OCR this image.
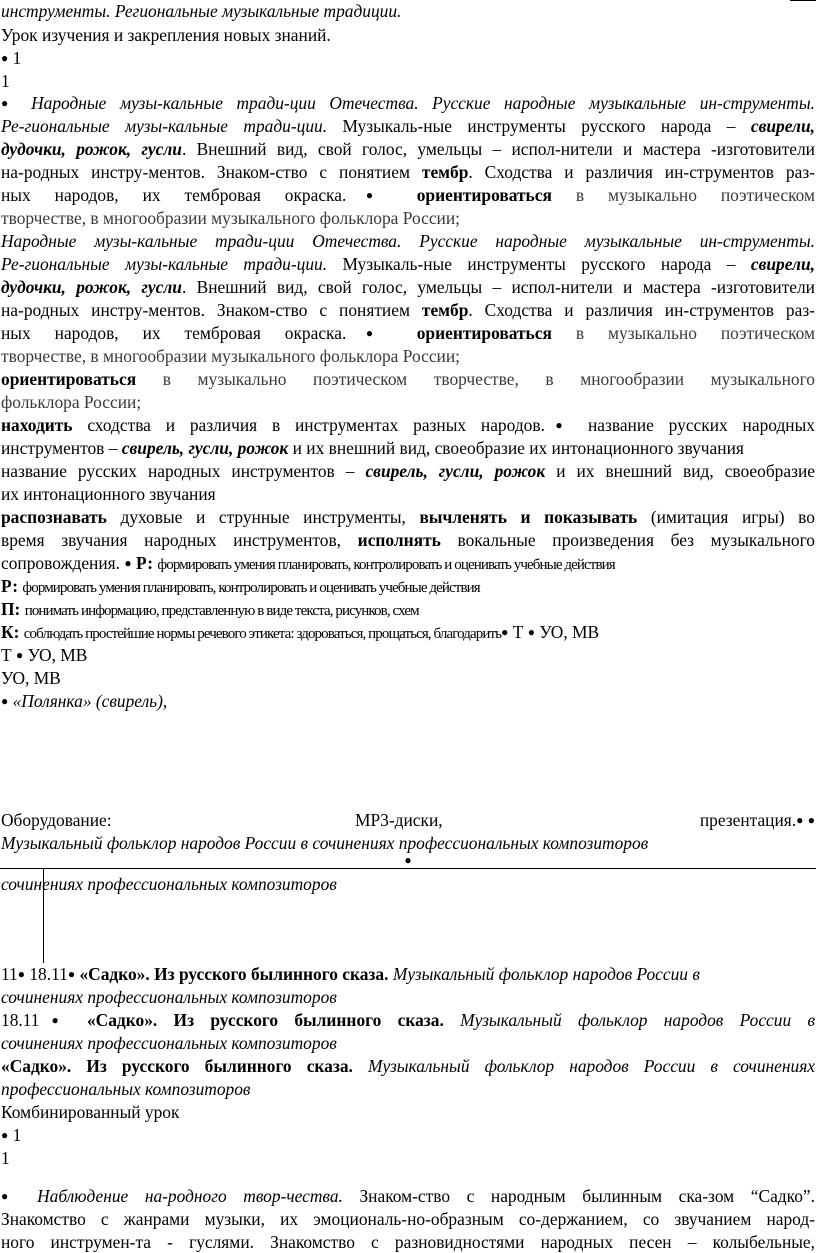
инструменты. Региональные музыкальные традиции.
Урок изучения и закрепления новых знаний.
● 1
1
● Народные музы-кальные тради-ции Отечества. Русские народные музыкальные ин-струменты.
Ре-гиональные музы-кальные тради-ции. Музыкаль-ные инструменты русского народа – свирели,
дудочки, рожок, гусли. Внешний вид, свой голос, умельцы – испол-нители и мастера -изготовители
на-родных инстру-ментов. Знаком-ство с понятием тембр. Сходства и различия ин-струментов раз-
ных народов, их тембровая окраска.● ориентироваться в музыкально поэтическом
творчестве, в многообразии музыкального фольклора России;
Народные музы-кальные тради-ции Отечества. Русские народные музыкальные ин-струменты.
Ре-гиональные музы-кальные тради-ции. Музыкаль-ные инструменты русского народа – свирели,
дудочки, рожок, гусли. Внешний вид, свой голос, умельцы – испол-нители и мастера -изготовители
на-родных инстру-ментов. Знаком-ство с понятием тембр. Сходства и различия ин-струментов раз-
ных народов, их тембровая окраска.● ориентироваться в музыкально поэтическом
творчестве, в многообразии музыкального фольклора России;
ориентироваться в музыкально поэтическом творчестве, в многообразии музыкального
фольклора России;
находить сходства и различия в инструментах разных народов.● название русских народных
инструментов – свирель, гусли, рожок и их внешний вид, своеобразие их интонационного звучания
название русских народных инструментов – свирель, гусли, рожок и их внешний вид, своеобразие
их интонационного звучания
распознавать духовые и струнные инструменты, вычленять и показывать (имитация игры) во
время звучания народных инструментов, исполнять вокальные произведения без музыкального
сопровождения. ● Р: формировать умения планировать, контролировать и оценивать учебные действия
Р: формировать умения планировать, контролировать и оценивать учебные действия
П: понимать информацию, представленную в виде текста, рисунков, схем
К: соблюдать простейшие нормы речевого этикета: здороваться, прощаться, благодарить● Т ● УО, МВ
Т ● УО, МВ
УО, МВ
● «Полянка» (свирель),
Оборудование:	МР3-диски,	презентация.● ●
Музыкальный фольклор народов России в сочинениях профессиональных композиторов
●
сочинениях профессиональных композиторов
11● 18.11● «Садко». Из русского былинного сказа. Музыкальный фольклор народов России в
сочинениях профессиональных композиторов
18.11● «Садко». Из русского былинного сказа. Музыкальный фольклор народов России в
сочинениях профессиональных композиторов
«Садко». Из русского былинного сказа. Музыкальный фольклор народов России в сочинениях
профессиональных композиторов
Комбинированный урок
● 1
1
● Наблюдение на-родного твор-чества. Знаком-ство с народным былинным ска-зом “Садко”.
Знакомство с жанрами музыки, их эмоциональ-но-образным со-держанием, со звучанием народ-
ного инструмен-та - гуслями. Знакомство с разновидностями народных песен – колыбельные,
